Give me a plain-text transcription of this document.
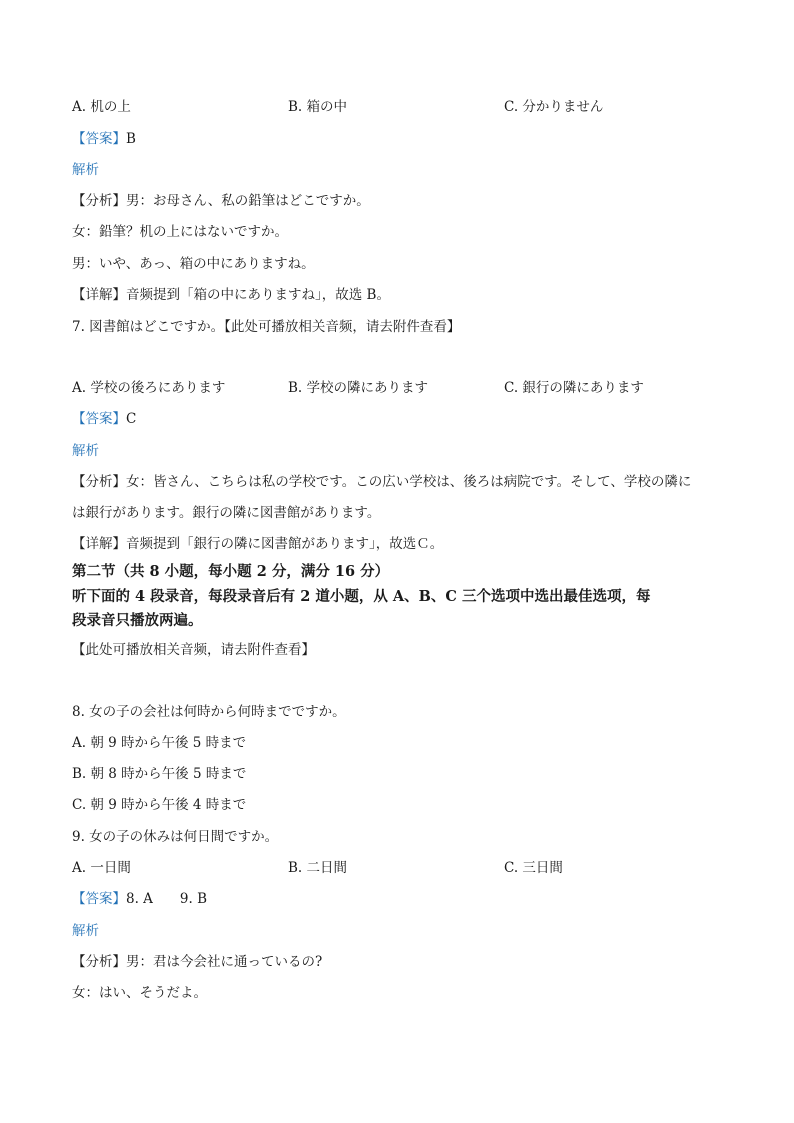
A. 机の上	B. 箱の中	C. 分かりません
【答案】B
解析
【分析】男：お母さん、私の鉛筆はどこですか。
女：鉛筆？机の上にはないですか。
男：いや、あっ、箱の中にありますね。
【详解】音频提到「箱の中にありますね」，故选 B。
7. 図書館はどこですか。【此处可播放相关音频，请去附件查看】
A. 学校の後ろにあります	B. 学校の隣にあります	C. 銀行の隣にあります
【答案】C
解析
【分析】女：皆さん、こちらは私の学校です。この広い学校は、後ろは病院です。そして、学校の隣に
は銀行があります。銀行の隣に図書館があります。
【详解】音频提到「銀行の隣に図書館があります」，故选Ｃ。
第二节（共 8 小题，每小题 2 分，满分 16 分）
听下面的 4 段录音，每段录音后有 2 道小题，从 A、B、C 三个选项中选出最佳选项，每
段录音只播放两遍。
【此处可播放相关音频，请去附件查看】
8. 女の子の会社は何時から何時までですか。
A. 朝 9 時から午後 5 時まで
B. 朝 8 時から午後 5 時まで
C. 朝 9 時から午後 4 時まで
9. 女の子の休みは何日間ですか。
A. 一日間	B. 二日間	C. 三日間
【答案】8. A　　9. B
解析
【分析】男：君は今会社に通っているの?
女：はい、そうだよ。
